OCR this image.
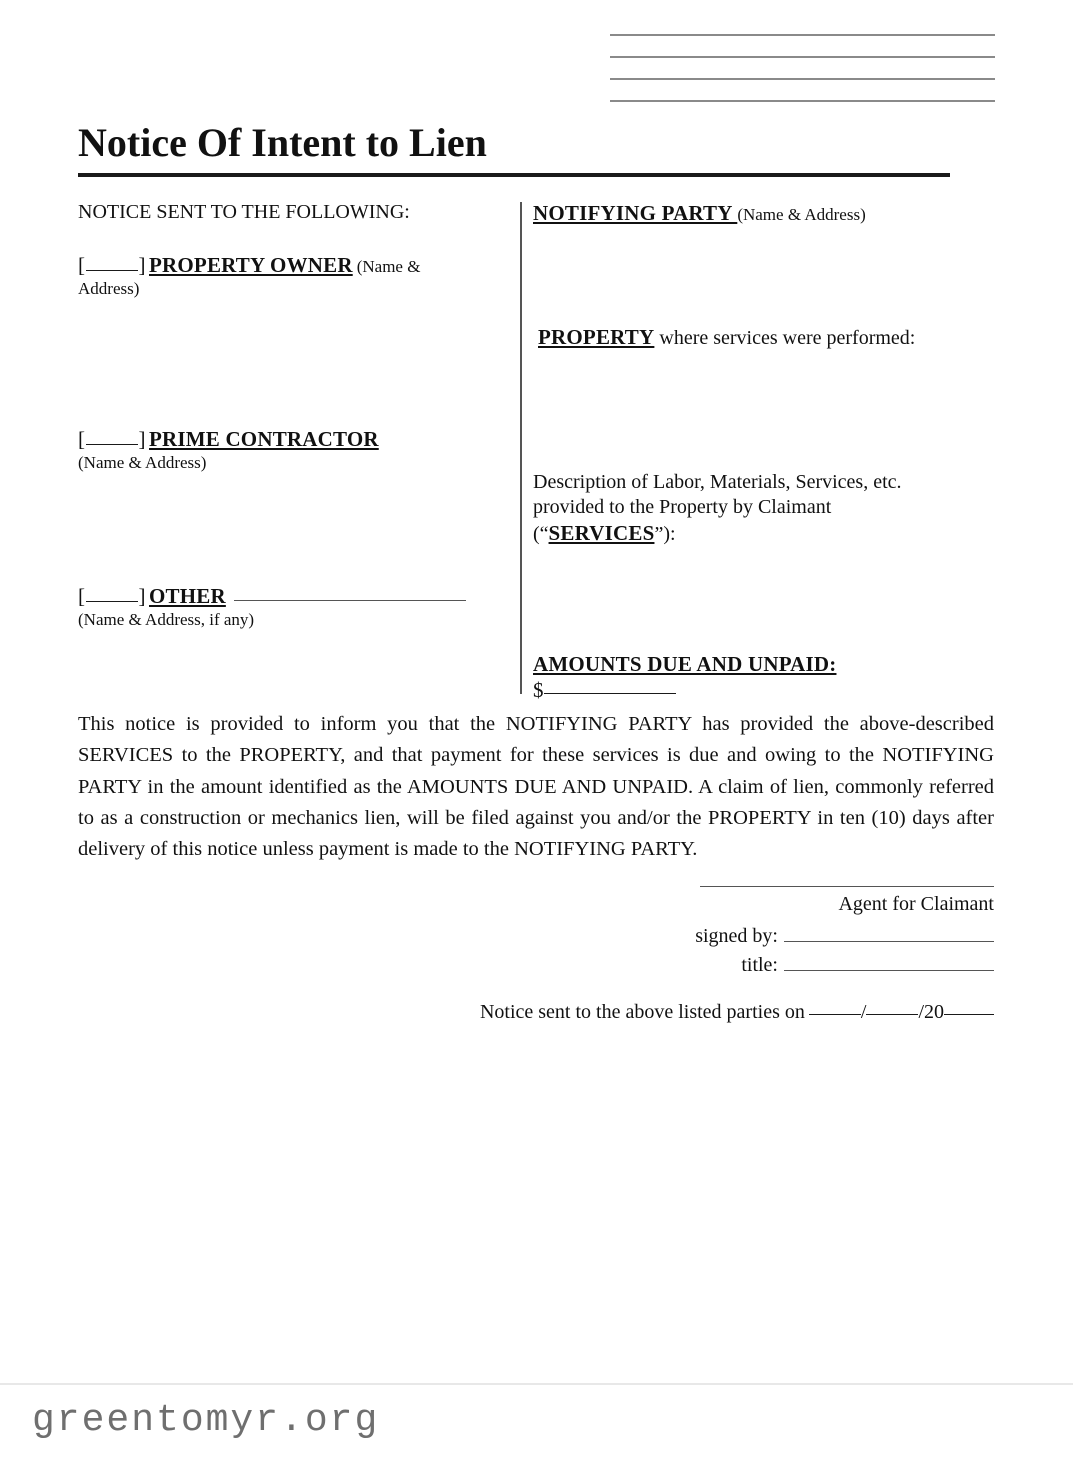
Notice Of Intent to Lien

NOTICE SENT TO THE FOLLOWING:

[	] PROPERTY OWNER (Name &

Address)

[	] PRIME CONTRACTOR

(Name & Address)

[	] OTHER

(Name & Address, if any)

NOTIFYING PARTY (Name & Address)

PROPERTY where services were performed:

Description of Labor, Materials, Services, etc.
provided to the Property by Claimant
(“SERVICES”):

AMOUNTS DUE AND UNPAID:

$

This notice is provided to inform you that the NOTIFYING PARTY has provided the above-described SERVICES to the PROPERTY, and that payment for these services is due and owing to the NOTIFYING PARTY in the amount identified as the AMOUNTS DUE AND UNPAID. A claim of lien, commonly referred to as a construction or mechanics lien, will be filed against you and/or the PROPERTY in ten (10) days after delivery of this notice unless payment is made to the NOTIFYING PARTY.

Agent for Claimant
signed by:
title:
Notice sent to the above listed parties on	/	/20
greentomyr.org
